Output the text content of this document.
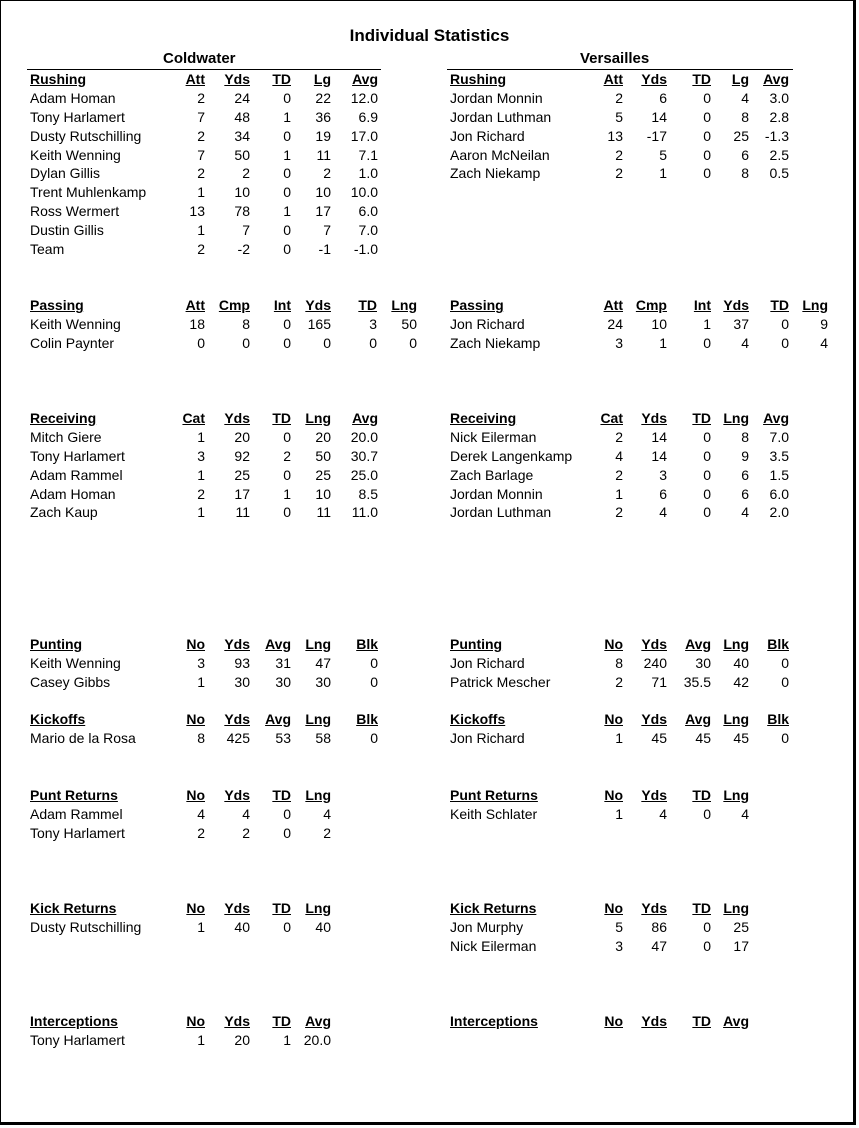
Individual Statistics
Coldwater	Versailles
Rushing	Att Yds TD Lg Avg
Adam Homan	2 24 0 22 12.0
Tony Harlamert	7 48 1 36 6.9
Dusty Rutschilling	2 34 0 19 17.0
Keith Wenning	7 50 1 11 7.1
Dylan Gillis	2	2 0 2 1.0
Trent Muhlenkamp	1 10 0 10 10.0
Ross Wermert	13 78 1 17 6.0
Dustin Gillis	1	7 0 7 7.0
Team	2 -2 0 -1 -1.0
Rushing	Att Yds TD Lg Avg
Jordan Monnin	2	6	0 4 3.0
Jordan Luthman	5 14	0 8 2.8
Jon Richard	13 -17	0 25 -1.3
Aaron McNeilan	2	5	0 6 2.5
Zach Niekamp	2	1	0 8 0.5
Passing	Att Cmp Int Yds TD Lng
Keith Wenning	18	8 0 165	3 50
Colin Paynter	0	0 0 0	0 0
Passing	Att Cmp Int Yds TD Lng
Jon Richard	24 10	1 37 0 9
Zach Niekamp	3	1	0 4 0 4
Receiving	Cat Yds TD Lng Avg
Mitch Giere	1 20 0 20 20.0
Tony Harlamert	3 92 2 50 30.7
Adam Rammel	1 25 0 25 25.0
Adam Homan	2 17 1 10 8.5
Zach Kaup	1 11 0 11 11.0
Receiving	Cat Yds TD Lng Avg
Nick Eilerman	2 14	0 8 7.0
Derek Langenkamp	4 14	0 9 3.5
Zach Barlage	2	3	0 6 1.5
Jordan Monnin	1	6	0 6 6.0
Jordan Luthman	2	4	0 4 2.0
Punting	No Yds Avg Lng Blk
Keith Wenning	3 93 31 47	0
Casey Gibbs	1 30 30 30	0
Punting	No Yds Avg Lng Blk
Jon Richard	8 240 30 40 0
Patrick Mescher	2 71 35.5 42 0
Kickoffs	No Yds Avg Lng Blk
Mario de la Rosa	8 425 53 58	0
Kickoffs	No Yds Avg Lng Blk
Jon Richard	1 45 45 45 0
Punt Returns	No Yds TD Lng
Adam Rammel	4	4 0 4
Tony Harlamert	2	2 0 2
Punt Returns	No Yds TD Lng
Keith Schlater	1	4	0 4
Kick Returns	No Yds TD Lng
Dusty Rutschilling	1 40 0 40
Kick Returns	No Yds TD Lng
Jon Murphy	5 86	0 25
Nick Eilerman	3 47	0 17
Interceptions	No Yds TD Avg
Tony Harlamert	1 20 1 20.0
Interceptions	No Yds TD Avg
